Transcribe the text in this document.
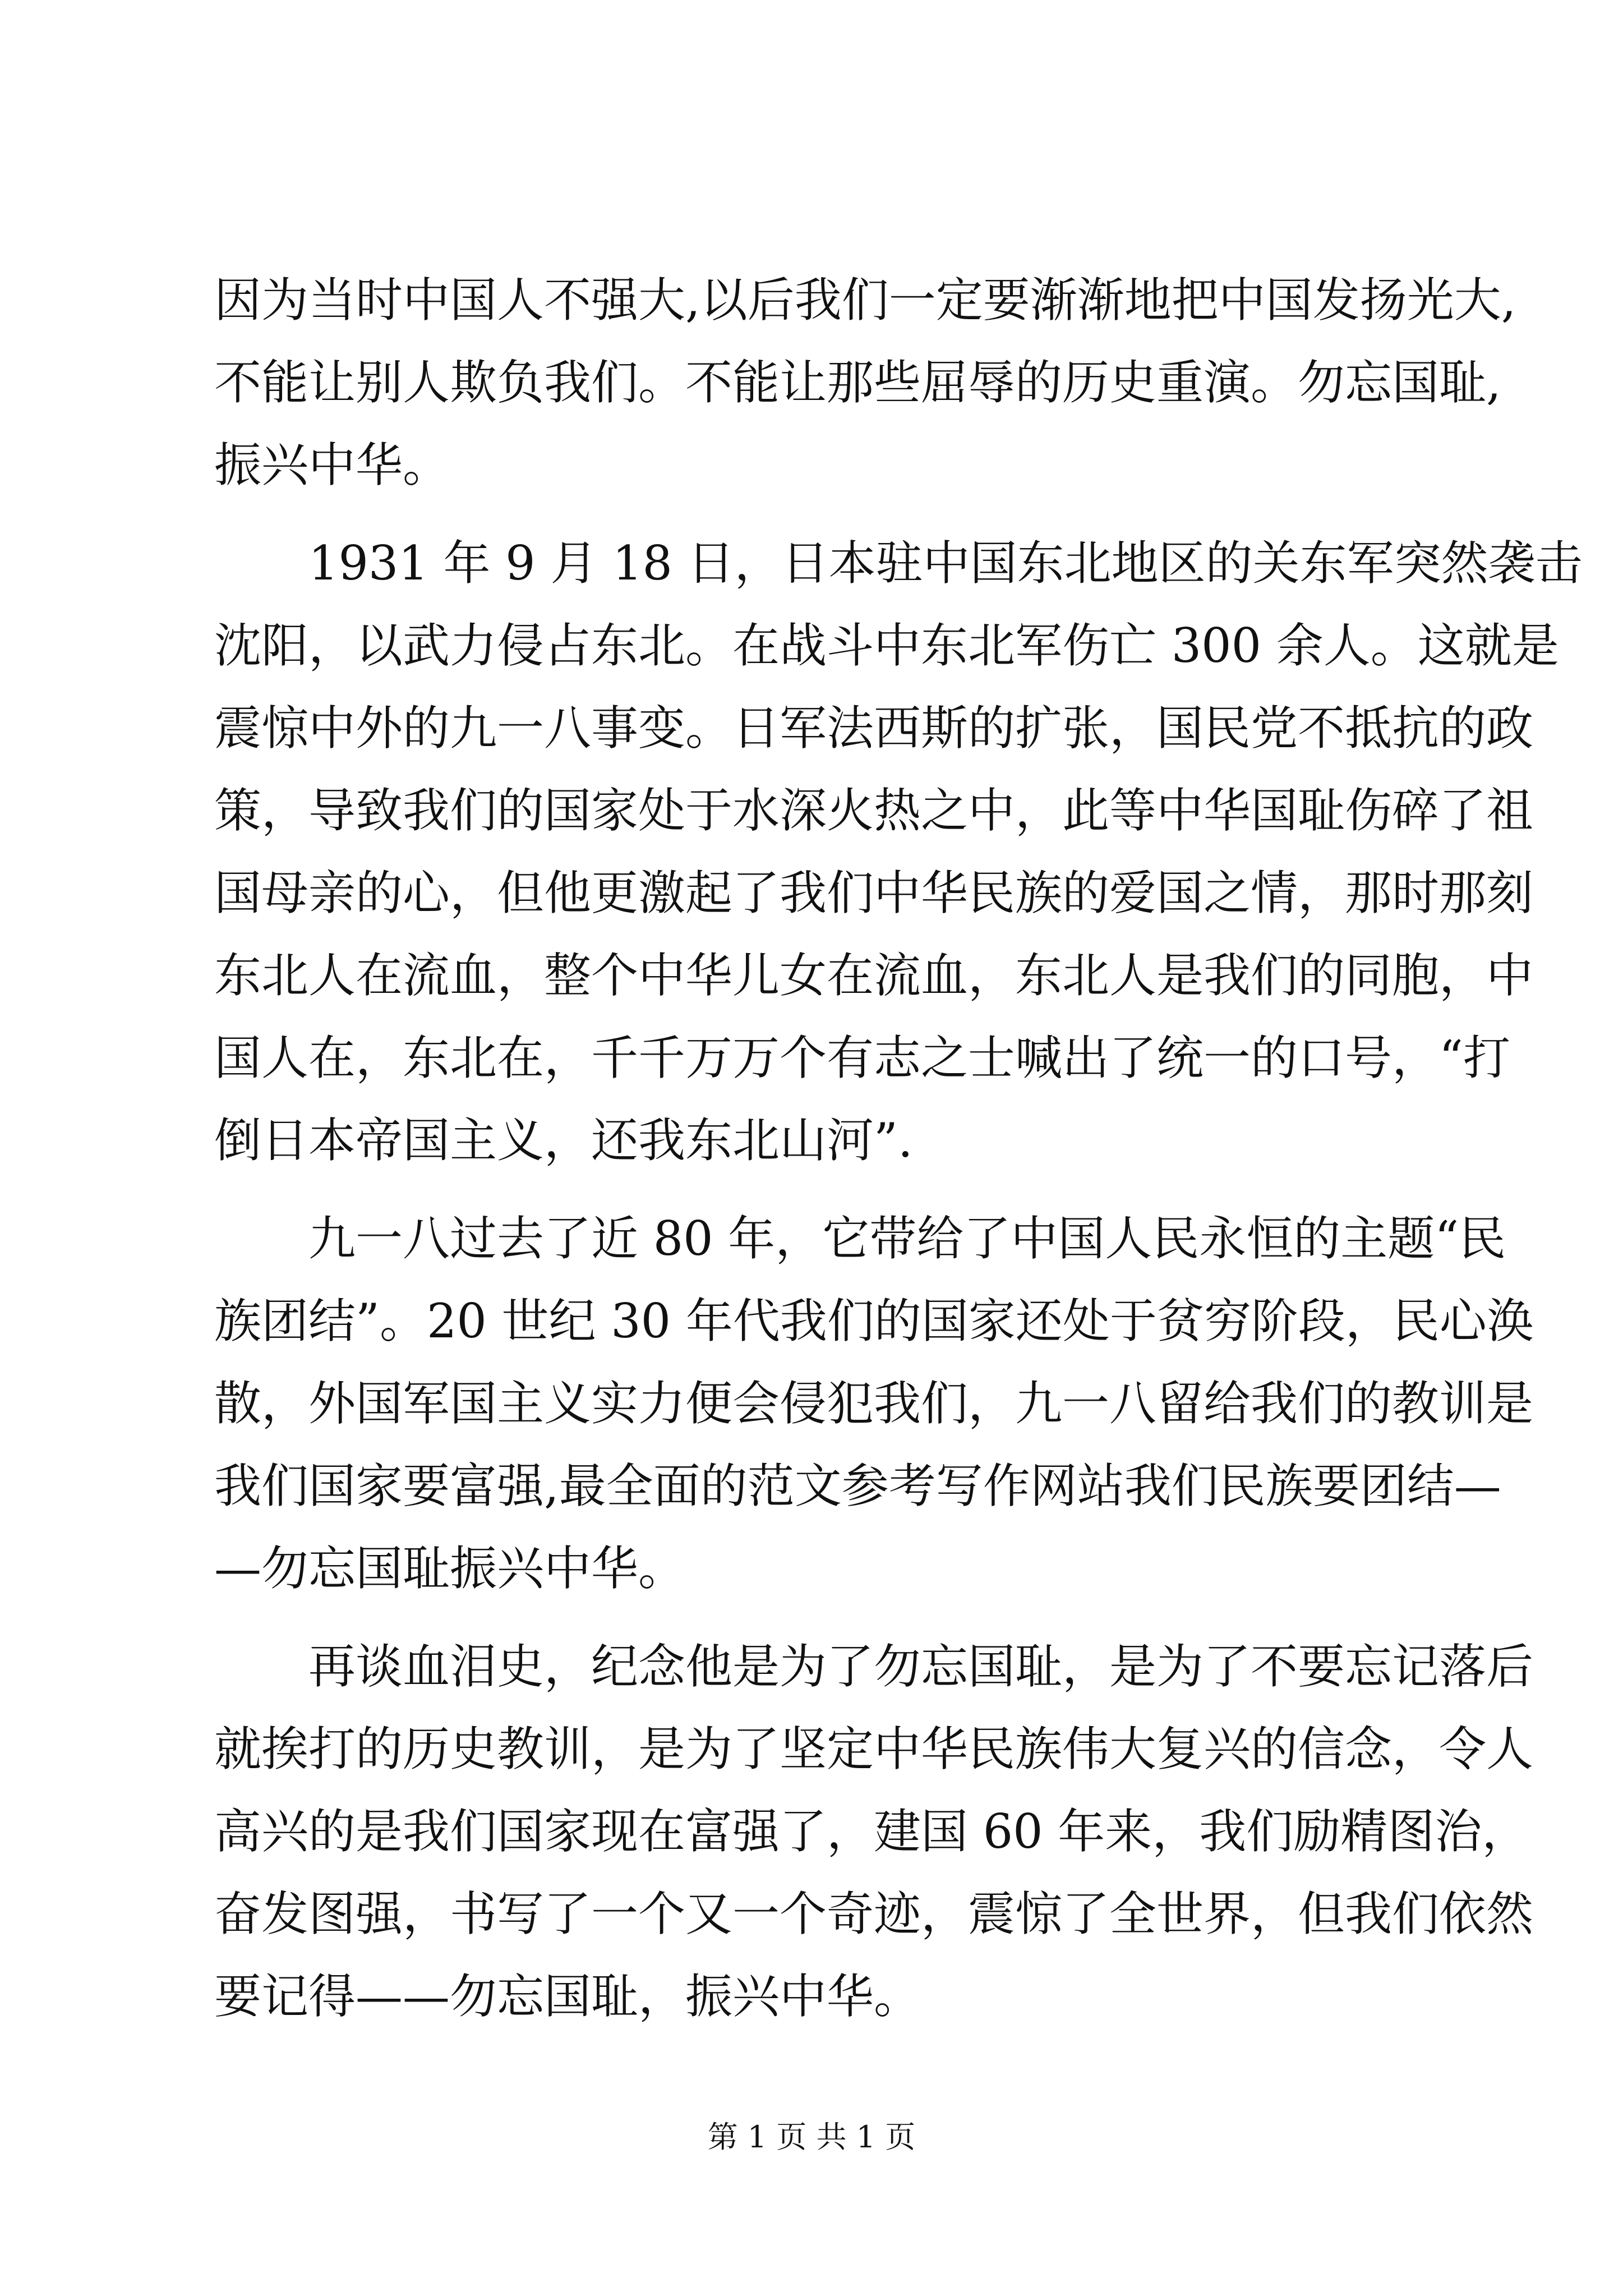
因为当时中国人不强大,以后我们一定要渐渐地把中国发扬光大,
不能让别人欺负我们。不能让那些屈辱的历史重演。勿忘国耻,
振兴中华。
1931 年 9 月 18 日，日本驻中国东北地区的关东军突然袭击
沈阳，以武力侵占东北。在战斗中东北军伤亡 300 余人。这就是
震惊中外的九一八事变。日军法西斯的扩张，国民党不抵抗的政
策，导致我们的国家处于水深火热之中，此等中华国耻伤碎了祖
国母亲的心，但他更激起了我们中华民族的爱国之情，那时那刻
东北人在流血，整个中华儿女在流血，东北人是我们的同胞，中
国人在，东北在，千千万万个有志之士喊出了统一的口号，“打
倒日本帝国主义，还我东北山河”.
九一八过去了近 80 年，它带给了中国人民永恒的主题“民
族团结”。20 世纪 30 年代我们的国家还处于贫穷阶段，民心涣
散，外国军国主义实力便会侵犯我们，九一八留给我们的教训是
我们国家要富强,最全面的范文参考写作网站我们民族要团结—
—勿忘国耻振兴中华。
再谈血泪史，纪念他是为了勿忘国耻，是为了不要忘记落后
就挨打的历史教训，是为了坚定中华民族伟大复兴的信念，令人
高兴的是我们国家现在富强了，建国 60 年来，我们励精图治，
奋发图强，书写了一个又一个奇迹，震惊了全世界，但我们依然
要记得——勿忘国耻，振兴中华。
第 1 页 共 1 页
